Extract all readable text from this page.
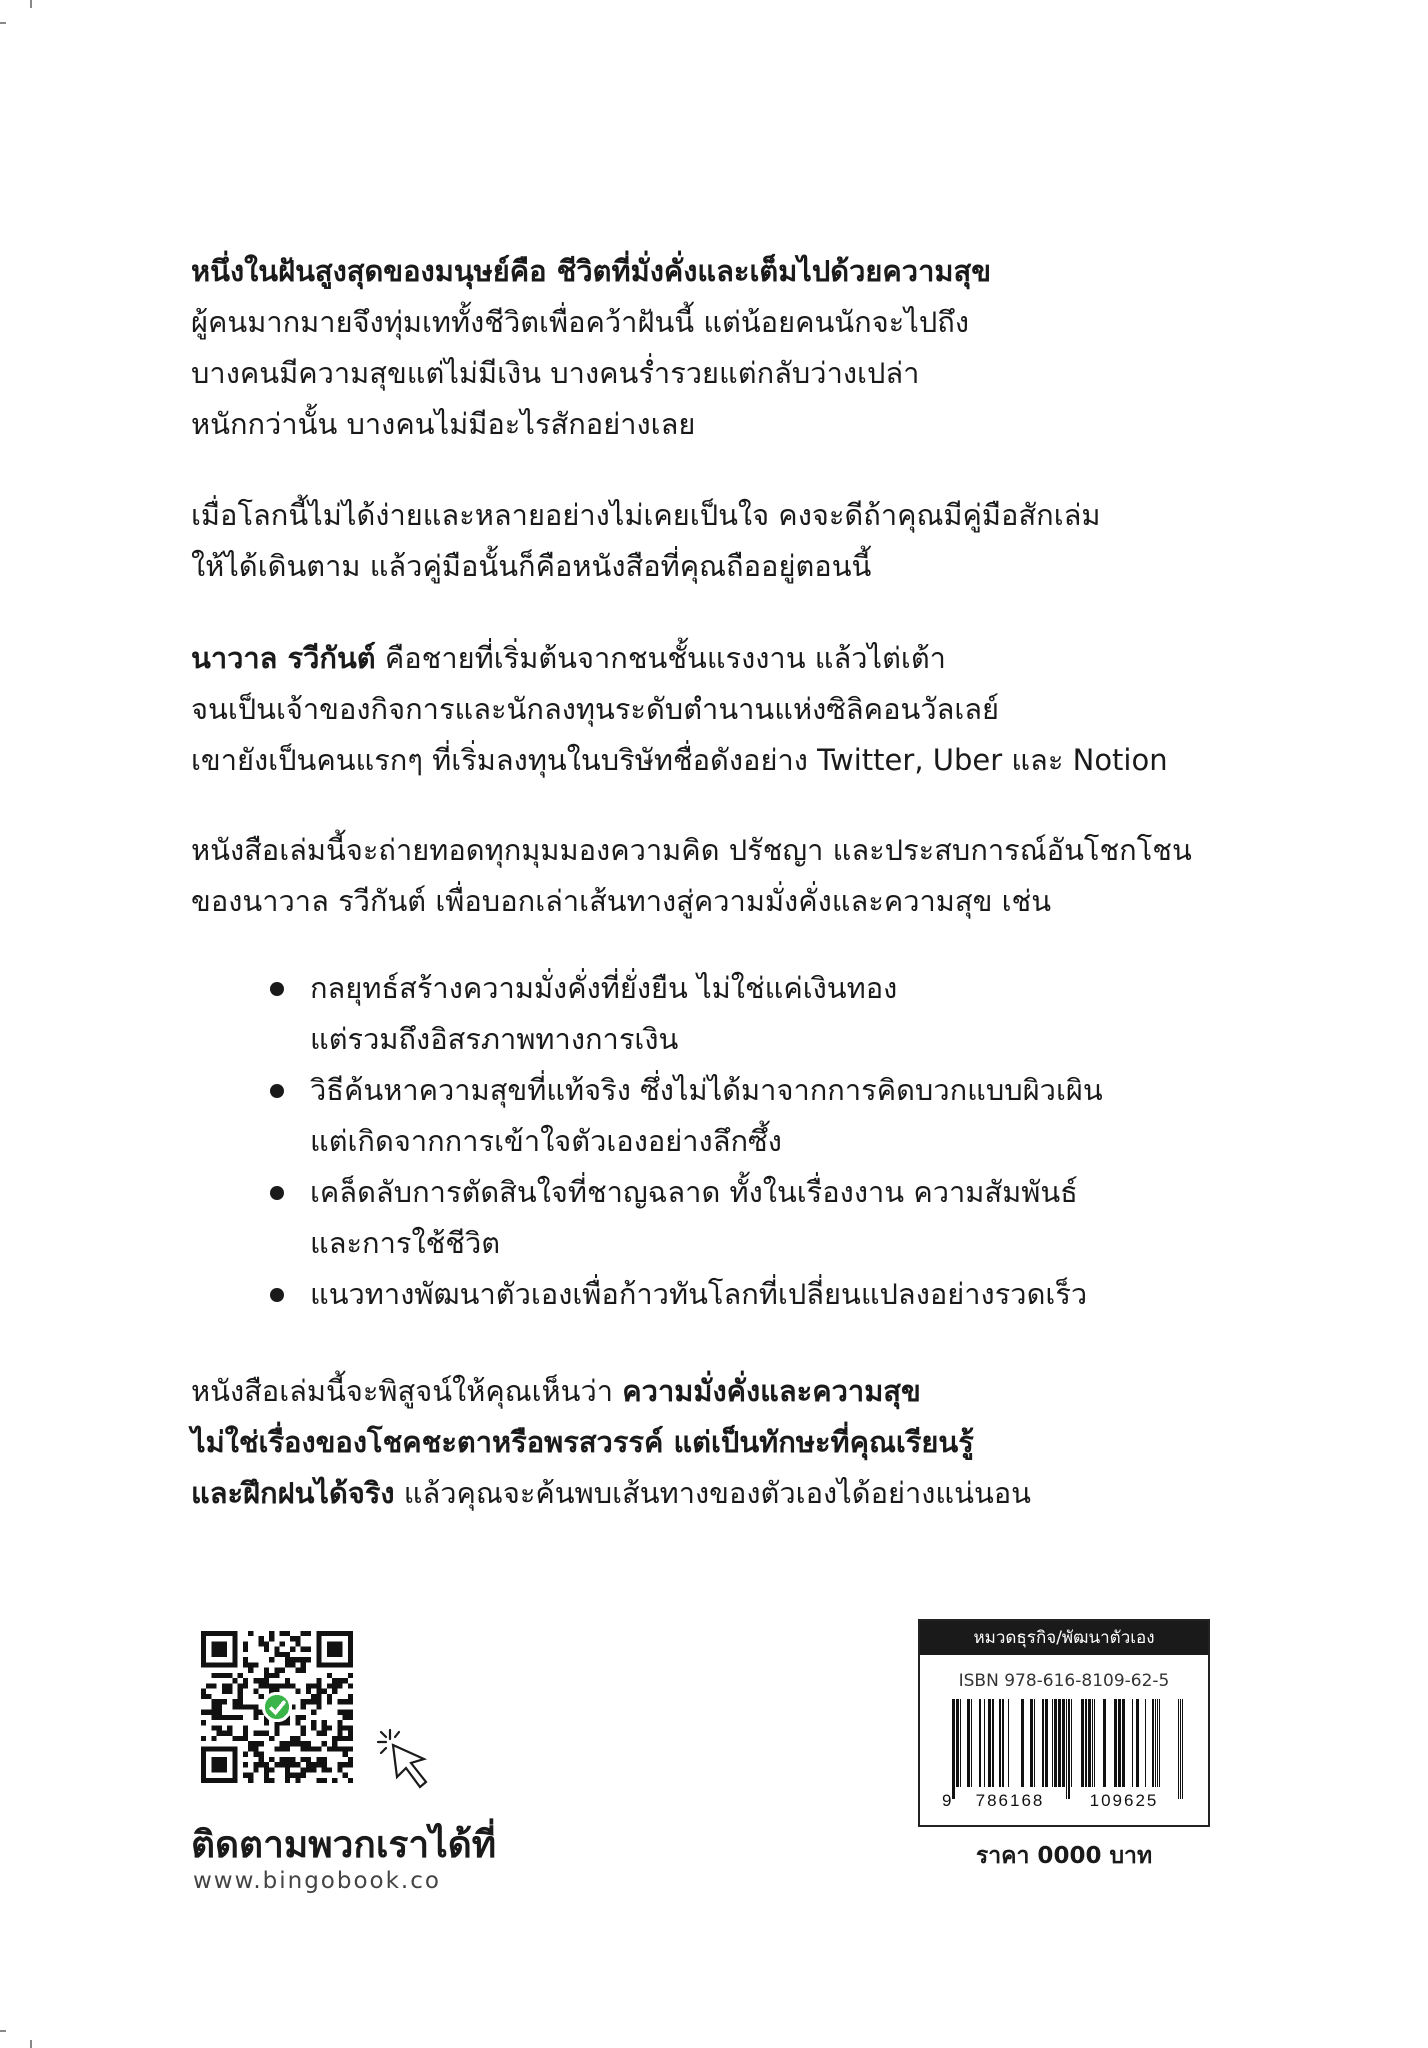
หนึ่งในฝันสูงสุดของมนุษย์คือ ชีวิตที่มั่งคั่งและเต็มไปด้วยความสุข

ผู้คนมากมายจึงทุ่มเททั้งชีวิตเพื่อคว้าฝันนี้ แต่น้อยคนนักจะไปถึง

บางคนมีความสุขแต่ไม่มีเงิน บางคนร่ำรวยแต่กลับว่างเปล่า

หนักกว่านั้น บางคนไม่มีอะไรสักอย่างเลย

เมื่อโลกนี้ไม่ได้ง่ายและหลายอย่างไม่เคยเป็นใจ คงจะดีถ้าคุณมีคู่มือสักเล่ม

ให้ได้เดินตาม แล้วคู่มือนั้นก็คือหนังสือที่คุณถืออยู่ตอนนี้

นาวาล รวีกันต์ คือชายที่เริ่มต้นจากชนชั้นแรงงาน แล้วไต่เต้า

จนเป็นเจ้าของกิจการและนักลงทุนระดับตำนานแห่งซิลิคอนวัลเลย์

เขายังเป็นคนแรกๆ ที่เริ่มลงทุนในบริษัทชื่อดังอย่าง Twitter, Uber และ Notion

หนังสือเล่มนี้จะถ่ายทอดทุกมุมมองความคิด ปรัชญา และประสบการณ์อันโชกโชน

ของนาวาล รวีกันต์ เพื่อบอกเล่าเส้นทางสู่ความมั่งคั่งและความสุข เช่น

กลยุทธ์สร้างความมั่งคั่งที่ยั่งยืน ไม่ใช่แค่เงินทอง

แต่รวมถึงอิสรภาพทางการเงิน

วิธีค้นหาความสุขที่แท้จริง ซึ่งไม่ได้มาจากการคิดบวกแบบผิวเผิน

แต่เกิดจากการเข้าใจตัวเองอย่างลึกซึ้ง

เคล็ดลับการตัดสินใจที่ชาญฉลาด ทั้งในเรื่องงาน ความสัมพันธ์

และการใช้ชีวิต

แนวทางพัฒนาตัวเองเพื่อก้าวทันโลกที่เปลี่ยนแปลงอย่างรวดเร็ว

หนังสือเล่มนี้จะพิสูจน์ให้คุณเห็นว่า ความมั่งคั่งและความสุข

ไม่ใช่เรื่องของโชคชะตาหรือพรสวรรค์ แต่เป็นทักษะที่คุณเรียนรู้

และฝึกฝนได้จริง แล้วคุณจะค้นพบเส้นทางของตัวเองได้อย่างแน่นอน

ติดตามพวกเราได้ที่
www.bingobook.co
หมวดธุรกิจ/พัฒนาตัวเอง
ISBN 978-616-8109-62-5
9 786168	109625
ราคา 0000 บาท
